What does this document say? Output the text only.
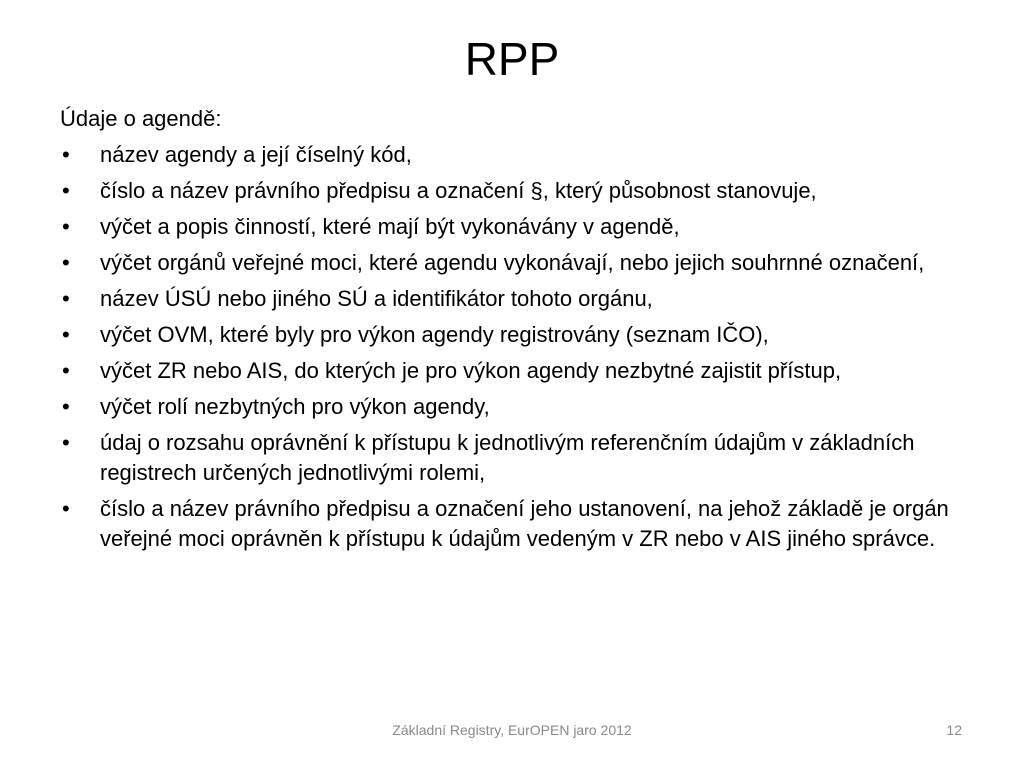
RPP
Údaje o agendě:
• název agendy a její číselný kód,
• číslo a název právního předpisu a označení §, který působnost stanovuje,
• výčet a popis činností, které mají být vykonávány v agendě,
• výčet orgánů veřejné moci, které agendu vykonávají, nebo jejich souhrnné označení,
• název ÚSÚ nebo jiného SÚ a identifikátor tohoto orgánu,
• výčet OVM, které byly pro výkon agendy registrovány (seznam IČO),
• výčet ZR nebo AIS, do kterých je pro výkon agendy nezbytné zajistit přístup,
• výčet rolí nezbytných pro výkon agendy,
• údaj o rozsahu oprávnění k přístupu k jednotlivým referenčním údajům v základních registrech určených jednotlivými rolemi,
• číslo a název právního předpisu a označení jeho ustanovení, na jehož základě je orgán veřejné moci oprávněn k přístupu k údajům vedeným v ZR nebo v AIS jiného správce.
Základní Registry, EurOPEN jaro 2012	12
